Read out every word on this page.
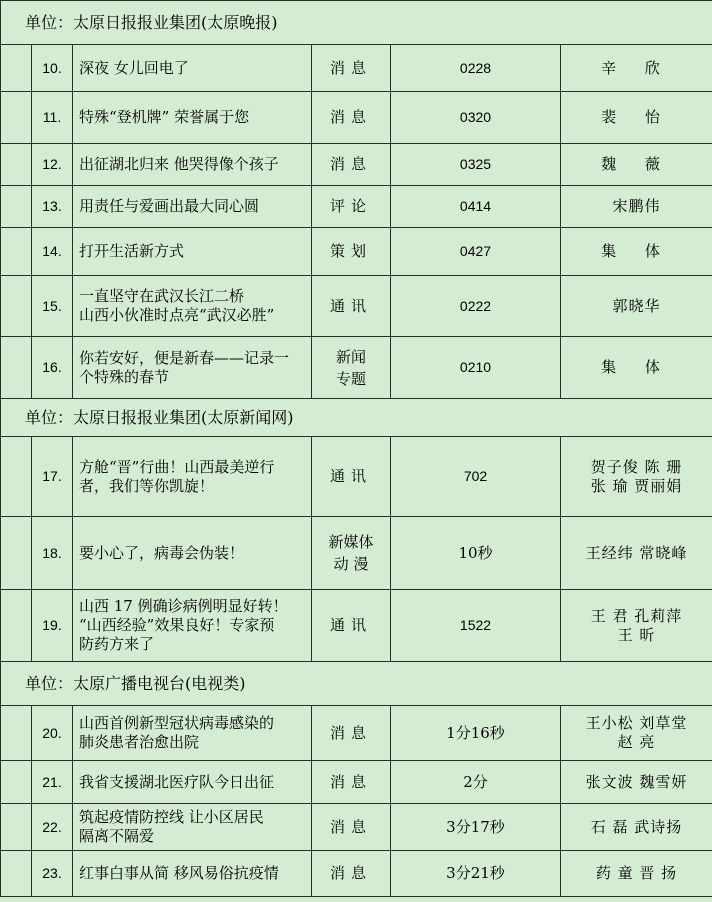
单位：太原日报报业集团(太原晚报)					
	10.	深夜 女儿回电了	消息	0228	辛 欣

	11.	特殊“登机牌” 荣誉属于您	消息	0320	裴 怡

	12.	出征湖北归来 他哭得像个孩子	消息	0325	魏 薇

	13.	用责任与爱画出最大同心圆	评论	0414	宋鹏伟

	14.	打开生活新方式	策划	0427	集 体

	15.	一直坚守在武汉长江二桥
山西小伙准时点亮“武汉必胜”	通讯	0222	郭晓华

	16.	你若安好，便是新春——记录一
个特殊的春节	新闻
专题	0210	集 体

单位：太原日报报业集团(太原新闻网)					
	17.	方舱“晋”行曲！山西最美逆行
者，我们等你凯旋！	通讯	702	贺子俊 陈 珊
张 瑜 贾丽娟

	18.	要小心了，病毒会伪装！	新媒体
动 漫	10秒	王经纬 常晓峰

	19.	山西 17 例确诊病例明显好转！
“山西经验”效果良好！专家预
防药方来了	通讯	1522	王 君 孔莉萍
王 昕

单位：太原广播电视台(电视类)					
	20.	山西首例新型冠状病毒感染的
肺炎患者治愈出院	消息	1分16秒	王小松 刘草堂
赵 亮

	21.	我省支援湖北医疗队今日出征	消息	2分	张文波 魏雪妍

	22.	筑起疫情防控线 让小区居民
隔离不隔爱	消息	3分17秒	石 磊 武诗扬

	23.	红事白事从简 移风易俗抗疫情	消息	3分21秒	药 童 晋 扬
